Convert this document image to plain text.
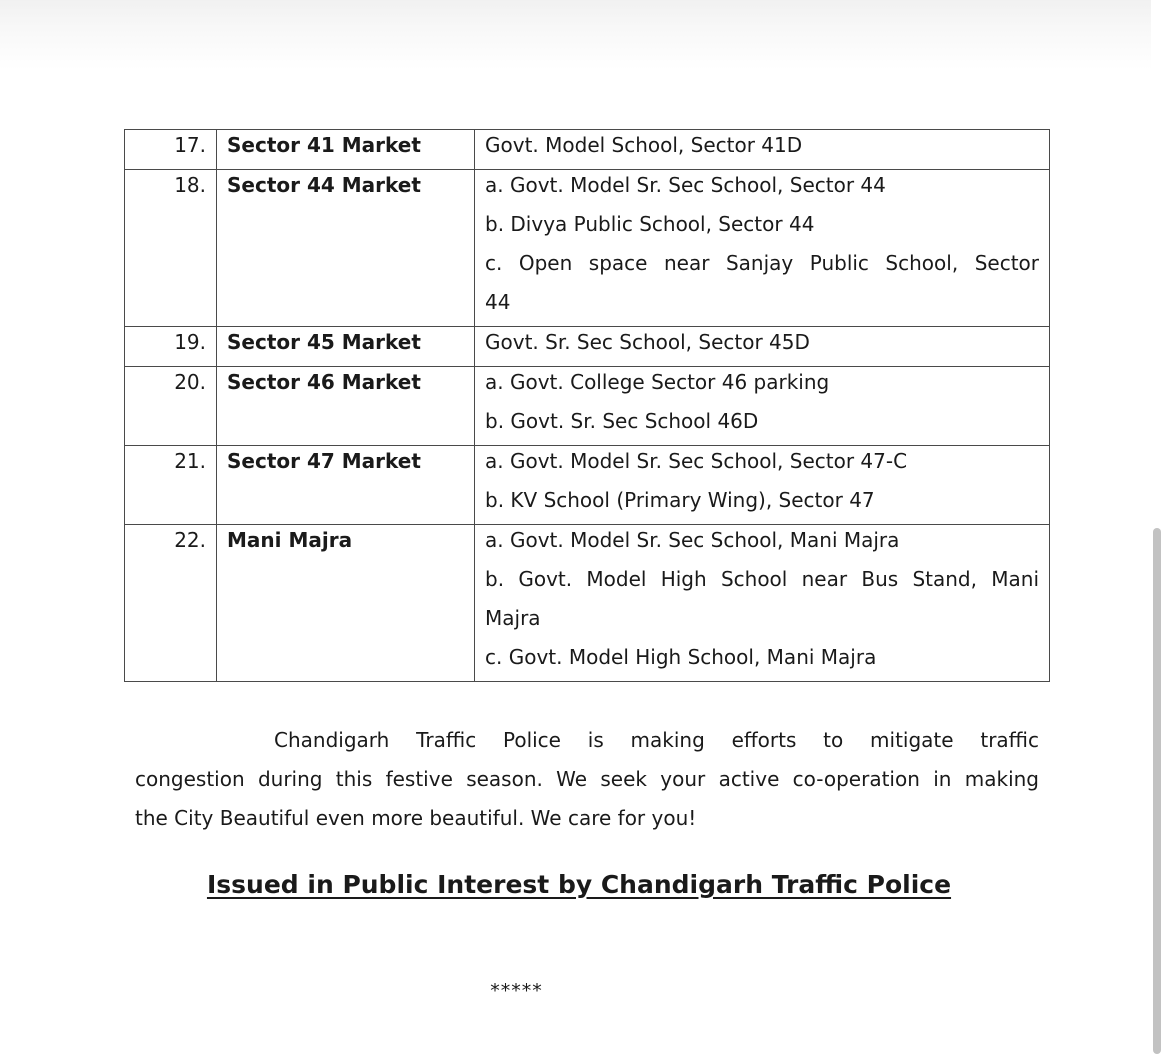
17.	Sector 41 Market	Govt. Model School, Sector 41D

18.	Sector 44 Market	a. Govt. Model Sr. Sec School, Sector 44
b. Divya Public School, Sector 44
c. Open space near Sanjay Public School, Sector
44

19.	Sector 45 Market	Govt. Sr. Sec School, Sector 45D

20.	Sector 46 Market	a. Govt. College Sector 46 parking
b. Govt. Sr. Sec School 46D

21.	Sector 47 Market	a. Govt. Model Sr. Sec School, Sector 47-C
b. KV School (Primary Wing), Sector 47

22.	Mani Majra	a. Govt. Model Sr. Sec School, Mani Majra
b. Govt. Model High School near Bus Stand, Mani
Majra
c. Govt. Model High School, Mani Majra
Chandigarh Traffic Police is making efforts to mitigate traffic
congestion during this festive season. We seek your active co-operation in making
the City Beautiful even more beautiful. We care for you!
Issued in Public Interest by Chandigarh Traffic Police
*****
